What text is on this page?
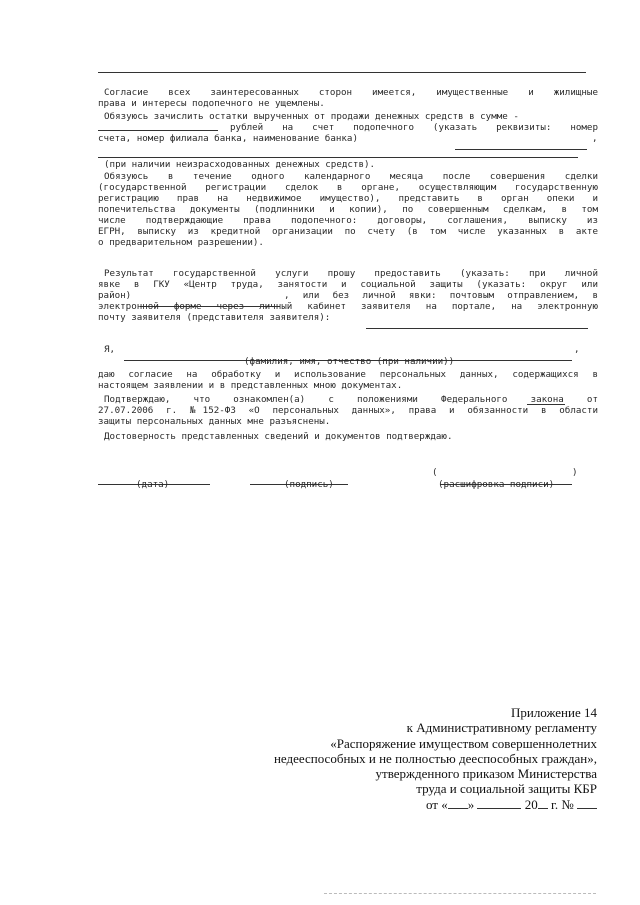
Согласие всех заинтересованных сторон имеется, имущественные и жилищные
права и интересы подопечного не ущемлены.
Обязуюсь зачислить остатки вырученных от продажи денежных средств в сумме -
рублей на счет подопечного (указать реквизиты: номер
счета, номер филиала банка, наименование банка)	,
(при наличии неизрасходованных денежных средств).
Обязуюсь в течение одного календарного месяца после совершения сделки
(государственной регистрации сделок в органе, осуществляющим государственную
регистрацию прав на недвижимое имущество), представить в орган опеки и
попечительства документы (подлинники и копии), по совершенным сделкам, в том
числе подтверждающие права подопечного: договоры, соглашения, выписку из
ЕГРН, выписку из кредитной организации по счету (в том числе указанных в акте
о предварительном разрешении).
Результат государственной услуги прошу предоставить (указать: при личной
явке в ГКУ «Центр труда, занятости и социальной защиты (указать: округ или
район)	, или без личной явки: почтовым отправлением, в
электронной форме через личный кабинет заявителя на портале, на электронную
почту заявителя (представителя заявителя):
Я,	,
(фамилия, имя, отчество (при наличии))
даю согласие на обработку и использование персональных данных, содержащихся в
настоящем заявлении и в представленных мною документах.
Подтверждаю, что ознакомлен(а) с положениями Федерального закона от
27.07.2006 г. №152-ФЗ «О персональных данных», права и обязанности в области
защиты персональных данных мне разъяснены.
Достоверность представленных сведений и документов подтверждаю.
(дата)	(подпись)
(	)
(расшифровка подписи)
Приложение 14
к Административному регламенту
«Распоряжение имуществом совершеннолетних
недееспособных и не полностью дееспособных граждан»,
утвержденного приказом Министерства
труда и социальной защиты КБР
от « »	20 г. №
